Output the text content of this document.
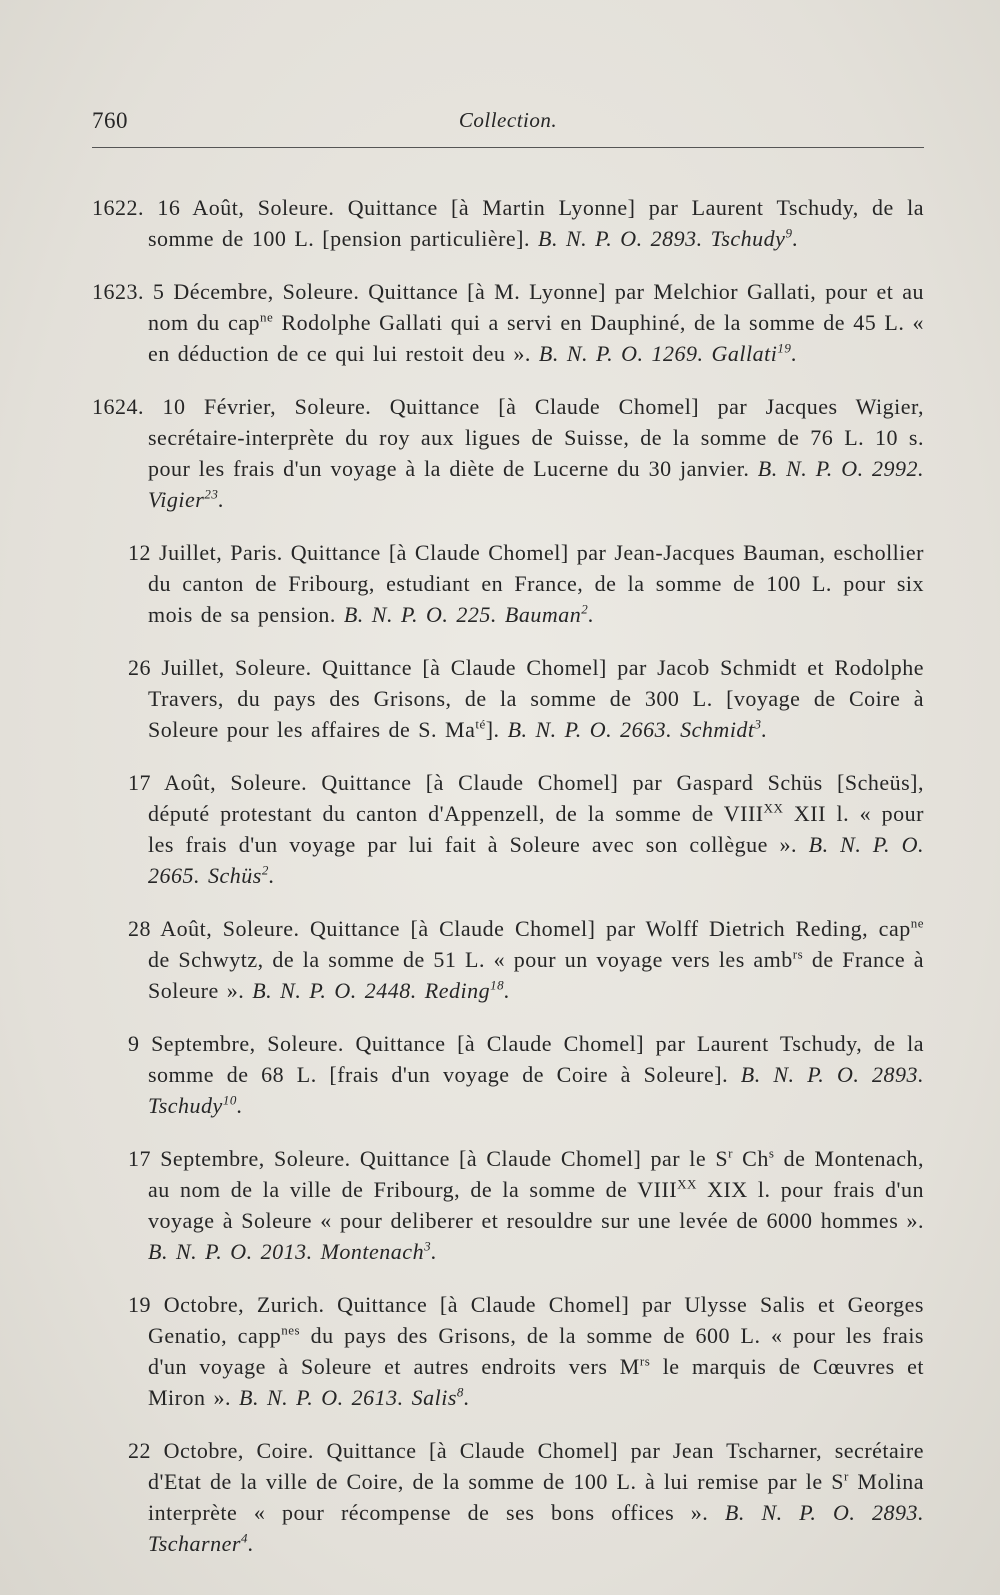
760	Collection.

1622. 16 Août, Soleure. Quittance [à Martin Lyonne] par Laurent Tschudy, de la somme de 100 L. [pension particulière]. B. N. P. O. 2893. Tschudy$^9$.

1623. 5 Décembre, Soleure. Quittance [à M. Lyonne] par Melchior Gallati, pour et au nom du cap$^{ne}$ Rodolphe Gallati qui a servi en Dauphiné, de la somme de 45 L. « en déduction de ce qui lui restoit deu ». B. N. P. O. 1269. Gallati$^{19}$.

1624. 10 Février, Soleure. Quittance [à Claude Chomel] par Jacques Wigier, secrétaire-interprète du roy aux ligues de Suisse, de la somme de 76 L. 10 s. pour les frais d'un voyage à la diète de Lucerne du 30 janvier. B. N. P. O. 2992. Vigier$^{23}$.

12 Juillet, Paris. Quittance [à Claude Chomel] par Jean-Jacques Bauman, eschollier du canton de Fribourg, estudiant en France, de la somme de 100 L. pour six mois de sa pension. B. N. P. O. 225. Bauman$^2$.

26 Juillet, Soleure. Quittance [à Claude Chomel] par Jacob Schmidt et Rodolphe Travers, du pays des Grisons, de la somme de 300 L. [voyage de Coire à Soleure pour les affaires de S. $Ma^{té}$]. B. N. P. O. 2663. Schmidt$^3$.

17 Août, Soleure. Quittance [à Claude Chomel] par Gaspard Schüs [Scheüs], député protestant du canton d'Appenzell, de la somme de $VIII^{XX}$ XII l. « pour les frais d'un voyage par lui fait à Soleure avec son collègue ». B. N. P. O. 2665. Schüs$^2$.

28 Août, Soleure. Quittance [à Claude Chomel] par Wolff Dietrich Reding, cap$^{ne}$ de Schwytz, de la somme de 51 L. « pour un voyage vers les amb$^{rs}$ de France à Soleure ». B. N. P. O. 2448. Reding$^{18}$.

9 Septembre, Soleure. Quittance [à Claude Chomel] par Laurent Tschudy, de la somme de 68 L. [frais d'un voyage de Coire à Soleure]. B. N. P. O. 2893. Tschudy$^{10}$.

17 Septembre, Soleure. Quittance [à Claude Chomel] par le $S^r$ Ch$^s$ de Montenach, au nom de la ville de Fribourg, de la somme de $VIII^{XX}$ XIX l. pour frais d'un voyage à Soleure « pour deliberer et resouldre sur une levée de 6000 hommes ». B. N. P. O. 2013. Montenach$^3$.

19 Octobre, Zurich. Quittance [à Claude Chomel] par Ulysse Salis et Georges Genatio, capp$^{nes}$ du pays des Grisons, de la somme de 600 L. « pour les frais d'un voyage à Soleure et autres endroits vers $M^{rs}$ le marquis de Cœuvres et Miron ». B. N. P. O. 2613. Salis$^8$.

22 Octobre, Coire. Quittance [à Claude Chomel] par Jean Tscharner, secrétaire d'Etat de la ville de Coire, de la somme de 100 L. à lui remise par le $S^r$ Molina interprète « pour récompense de ses bons offices ». B. N. P. O. 2893. Tscharner$^4$.
